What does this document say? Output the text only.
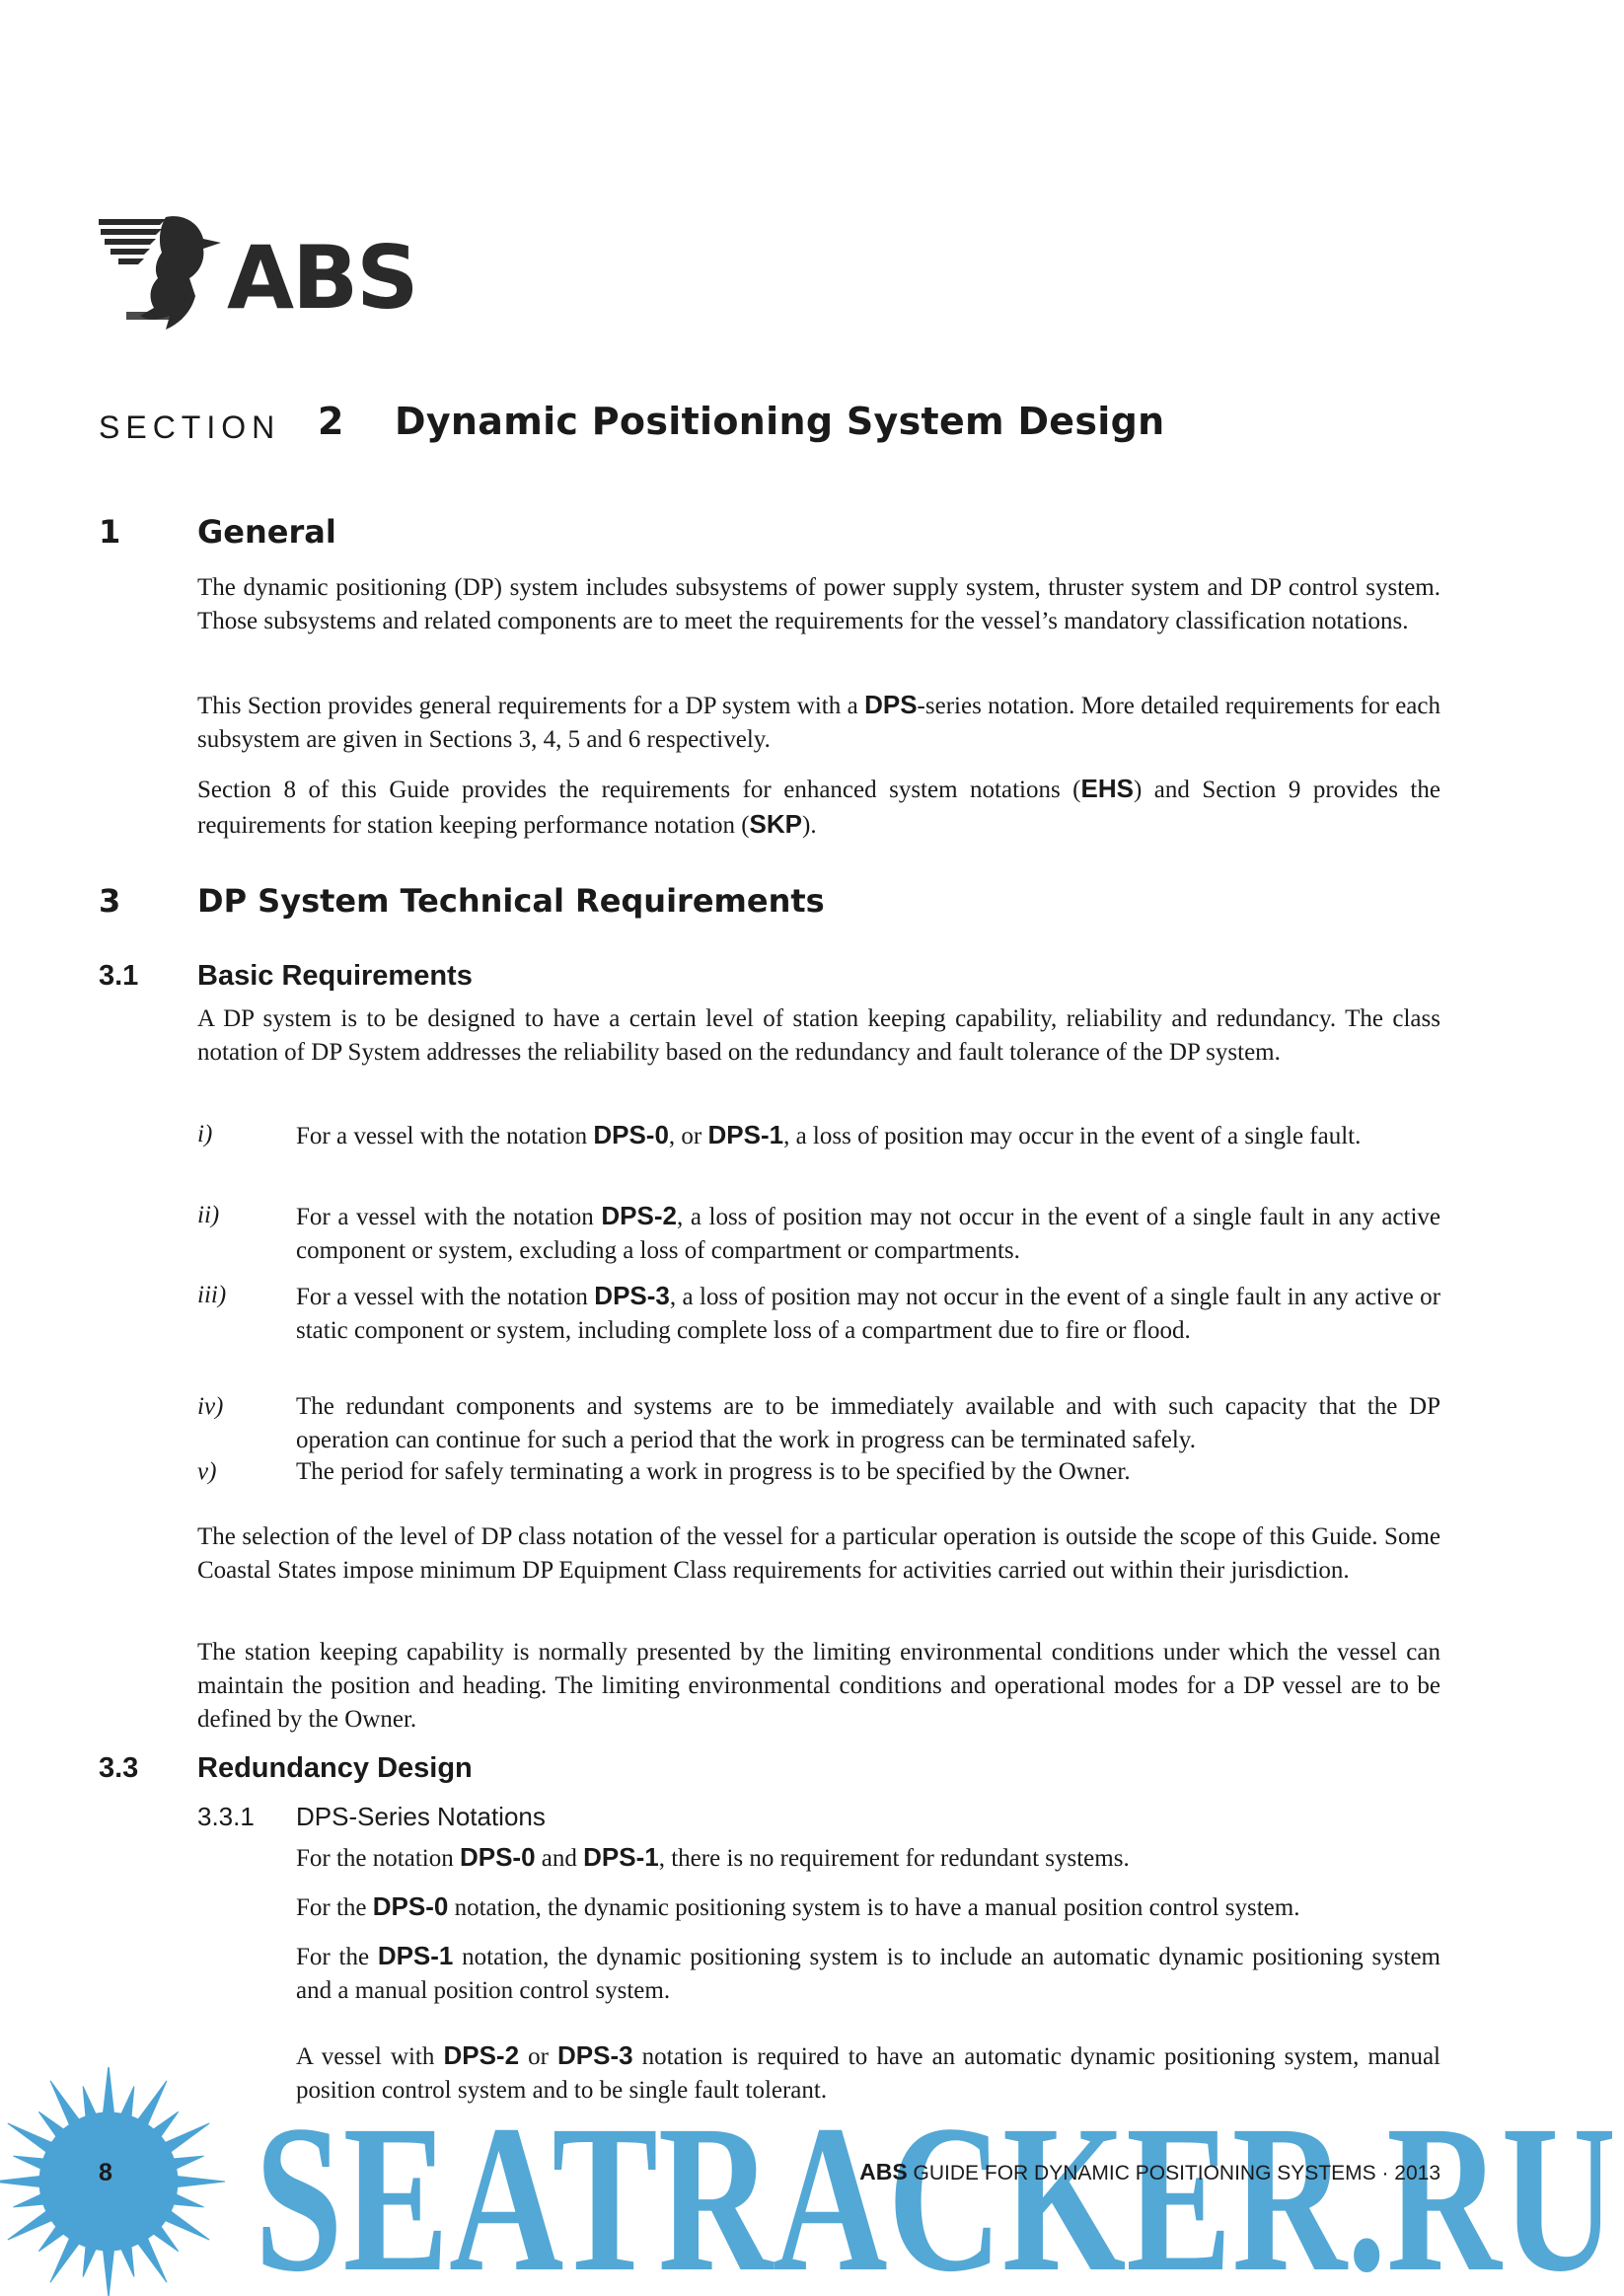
ABS
SECTION 2 Dynamic Positioning System Design
1 General
The dynamic positioning (DP) system includes subsystems of power supply system, thruster system and DP control system. Those subsystems and related components are to meet the requirements for the vessel’s mandatory classification notations.
This Section provides general requirements for a DP system with a DPS-series notation. More detailed requirements for each subsystem are given in Sections 3, 4, 5 and 6 respectively.
Section 8 of this Guide provides the requirements for enhanced system notations (EHS) and Section 9 provides the requirements for station keeping performance notation (SKP).
3 DP System Technical Requirements
3.1 Basic Requirements
A DP system is to be designed to have a certain level of station keeping capability, reliability and redundancy. The class notation of DP System addresses the reliability based on the redundancy and fault tolerance of the DP system.
i)	For a vessel with the notation DPS-0, or DPS-1, a loss of position may occur in the event of a single fault.
ii)	For a vessel with the notation DPS-2, a loss of position may not occur in the event of a single fault in any active component or system, excluding a loss of compartment or compartments.
iii)	For a vessel with the notation DPS-3, a loss of position may not occur in the event of a single fault in any active or static component or system, including complete loss of a compartment due to fire or flood.
iv)	The redundant components and systems are to be immediately available and with such capacity that the DP operation can continue for such a period that the work in progress can be terminated safely.
v)	The period for safely terminating a work in progress is to be specified by the Owner.
The selection of the level of DP class notation of the vessel for a particular operation is outside the scope of this Guide. Some Coastal States impose minimum DP Equipment Class requirements for activities carried out within their jurisdiction.
The station keeping capability is normally presented by the limiting environmental conditions under which the vessel can maintain the position and heading. The limiting environmental conditions and operational modes for a DP vessel are to be defined by the Owner.
3.3 Redundancy Design
3.3.1 DPS-Series Notations
For the notation DPS-0 and DPS-1, there is no requirement for redundant systems.
For the DPS-0 notation, the dynamic positioning system is to have a manual position control system.
For the DPS-1 notation, the dynamic positioning system is to include an automatic dynamic positioning system and a manual position control system.
A vessel with DPS-2 or DPS-3 notation is required to have an automatic dynamic positioning system, manual position control system and to be single fault tolerant.
SEATRACKER.RU
8	ABS GUIDE FOR DYNAMIC POSITIONING SYSTEMS · 2013
